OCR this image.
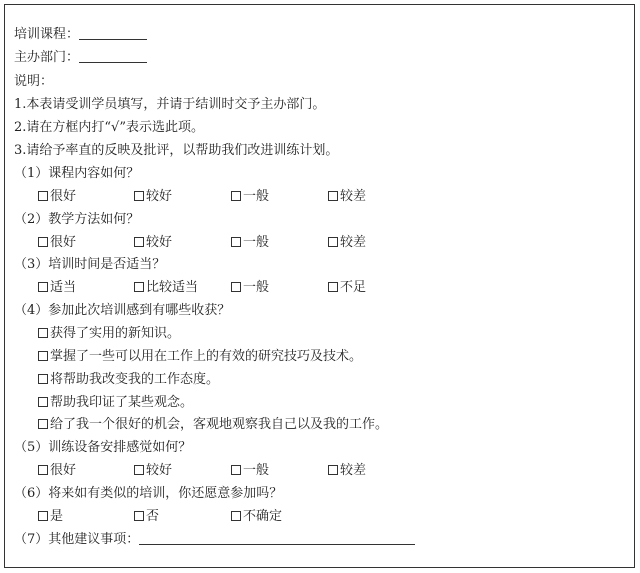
培训课程：
主办部门：
说明：
1.本表请受训学员填写，并请于结训时交予主办部门。
2.请在方框内打“√”表示选此项。
3.请给予率直的反映及批评，以帮助我们改进训练计划。
（1）课程内容如何？
很好	较好	一般	较差
（2）教学方法如何？
很好	较好	一般	较差
（3）培训时间是否适当？
适当	比较适当	一般	不足
（4）参加此次培训感到有哪些收获？
获得了实用的新知识。
掌握了一些可以用在工作上的有效的研究技巧及技术。
将帮助我改变我的工作态度。
帮助我印证了某些观念。
给了我一个很好的机会，客观地观察我自己以及我的工作。
（5）训练设备安排感觉如何？
很好	较好	一般	较差
（6）将来如有类似的培训，你还愿意参加吗？
是	否	不确定
（7）其他建议事项：
